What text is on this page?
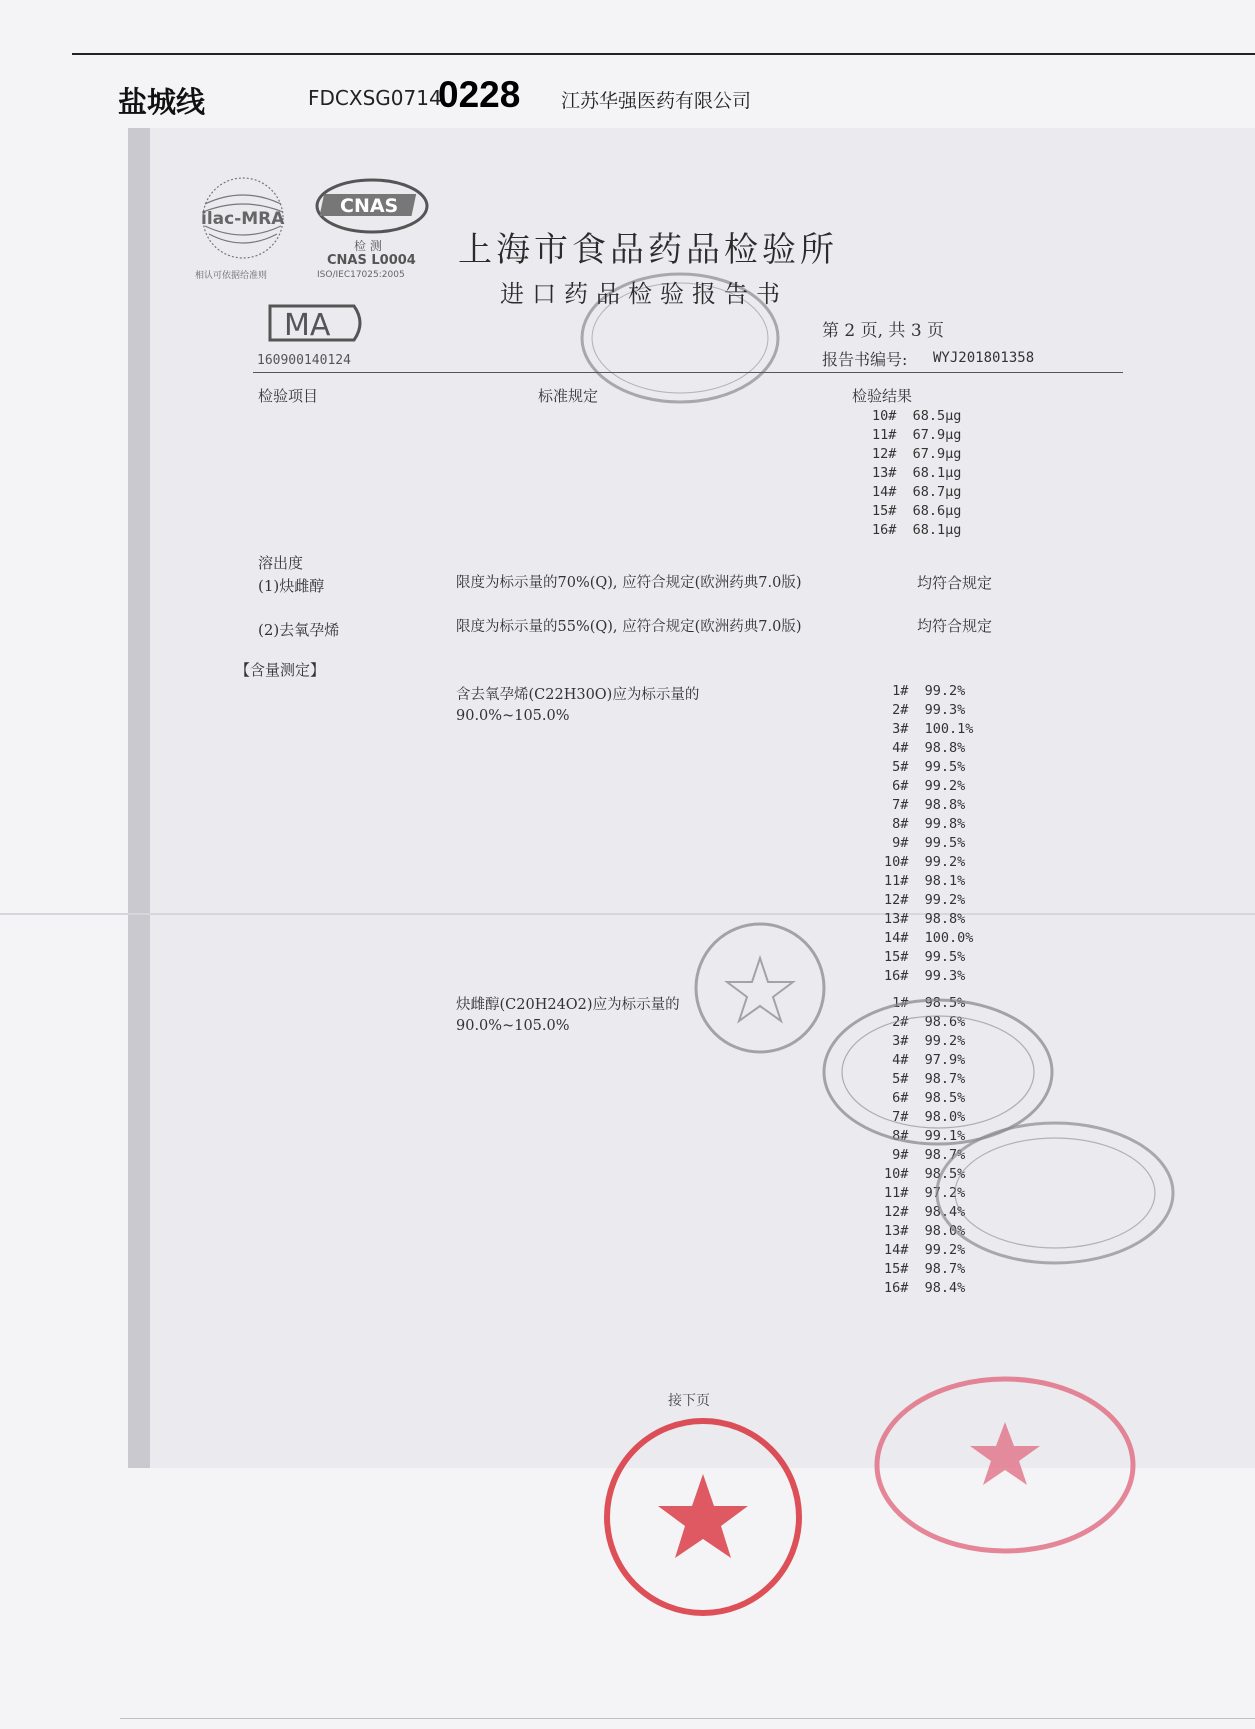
盐城线	FDCXSG0714
0228 江苏华强医药有限公司
ilac-MRA
相认可依据给准则
CNAS
检 测
CNAS L0004
ISO/IEC17025:2005
MA
160900140124
上海市食品药品检验所
进口药品检验报告书
第 2 页, 共 3 页
报告书编号: WYJ201801358
检验项目	标准规定	检验结果
10#  68.5μg
11#  67.9μg
12#  67.9μg
13#  68.1μg
14#  68.7μg
15#  68.6μg
16#  68.1μg
溶出度
(1)炔雌醇	限度为标示量的70%(Q), 应符合规定(欧洲药典7.0版)	均符合规定
(2)去氧孕烯	限度为标示量的55%(Q), 应符合规定(欧洲药典7.0版)	均符合规定
【含量测定】
含去氧孕烯(C22H30O)应为标示量的 90.0%~105.0%
1#  99.2%
2#  99.3%
3#  100.1%
4#  98.8%
5#  99.5%
6#  99.2%
7#  98.8%
8#  99.8%
9#  99.5%
10#  99.2%
11#  98.1%
12#  99.2%
13#  98.8%
14#  100.0%
15#  99.5%
16#  99.3%
炔雌醇(C20H24O2)应为标示量的 90.0%~105.0%
1#  98.5%
2#  98.6%
3#  99.2%
4#  97.9%
5#  98.7%
6#  98.5%
7#  98.0%
8#  99.1%
9#  98.7%
10#  98.5%
11#  97.2%
12#  98.4%
13#  98.0%
14#  99.2%
15#  98.7%
16#  98.4%
接下页
